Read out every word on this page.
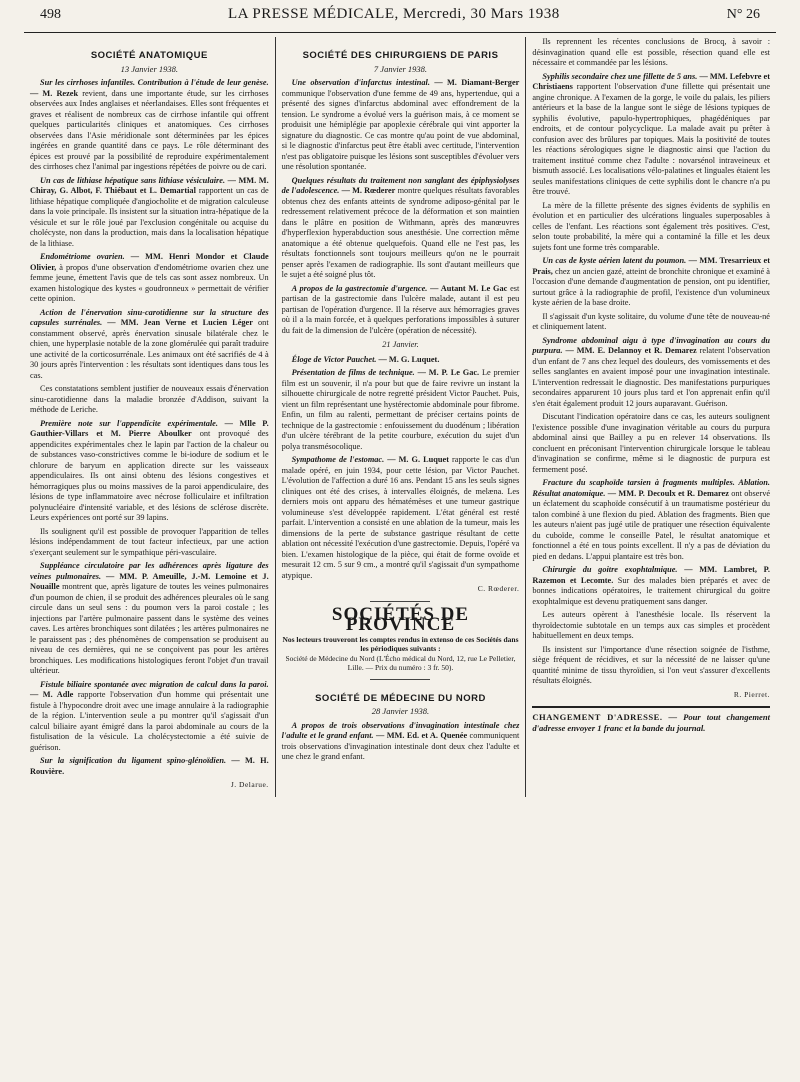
498	LA PRESSE MÉDICALE, Mercredi, 30 Mars 1938	N° 26
SOCIÉTÉ ANATOMIQUE
13 Janvier 1938.

Sur les cirrhoses infantiles. Contribution à l'étude de leur genèse. — M. Rezek revient, dans une importante étude, sur les cirrhoses observées aux Indes anglaises et néerlandaises. Elles sont fréquentes et graves et réalisent de nombreux cas de cirrhose infantile qui offrent quelques particularités cliniques et anatomiques. Ces cirrhoses observées dans l'Asie méridionale sont déterminées par les épices ingérées en grande quantité dans ce pays. Le rôle déterminant des épices est prouvé par la possibilité de reproduire expérimentalement des cirrhoses chez l'animal par ingestions répétées de poivre ou de cari.

Un cas de lithiase hépatique sans lithiase vésiculaire. — MM. M. Chiray, G. Albot, F. Thiébaut et L. Demartial rapportent un cas de lithiase hépatique compliquée d'angiocholite et de migration calculeuse dans la voie principale. Ils insistent sur la situation intra-hépatique de la vésicule et sur le rôle joué par l'exclusion congénitale ou acquise du cholécyste, non dans la production, mais dans la localisation hépatique de la lithiase.

Endométriome ovarien. — MM. Henri Mondor et Claude Olivier, à propos d'une observation d'endométriome ovarien chez une femme jeune, émettent l'avis que de tels cas sont assez nombreux. Un examen histologique des kystes « goudronneux » permettait de vérifier cette opinion.

Action de l'énervation sinu-carotidienne sur la structure des capsules surrénales. — MM. Jean Verne et Lucien Léger ont constamment observé, après énervation sinusale bilatérale chez le chien, une hyperplasie notable de la zone glomérulée qui paraît traduire une activité de la corticosurrénale. Les animaux ont été sacrifiés de 4 à 30 jours après l'intervention : les résultats sont identiques dans tous les cas.

Ces constatations semblent justifier de nouveaux essais d'énervation sinu-carotidienne dans la maladie bronzée d'Addison, suivant la méthode de Leriche.

Première note sur l'appendicite expérimentale. — Mlle P. Gauthier-Villars et M. Pierre Aboulker ont provoqué des appendicites expérimentales chez le lapin par l'action de la chaleur ou de substances vaso-constrictives comme le bi-iodure de sodium et le chlorure de baryum en application directe sur les vaisseaux appendiculaires. Ils ont ainsi obtenu des lésions congestives et hémorragiques plus ou moins massives de la paroi appendiculaire, des lésions de type inflammatoire avec nécrose folliculaire et infiltration polynucléaire d'intensité variable, et des lésions de sclérose discrète. Leurs expériences ont porté sur 39 lapins.

Ils soulignent qu'il est possible de provoquer l'apparition de telles lésions indépendamment de tout facteur infectieux, par une action s'exerçant seulement sur le sympathique péri-vasculaire.

Suppléance circulatoire par les adhérences après ligature des veines pulmonaires. — MM. P. Ameuille, J.-M. Lemoine et J. Nouaille montrent que, après ligature de toutes les veines pulmonaires d'un poumon de chien, il se produit des adhérences pleurales où le sang circule dans un seul sens : du poumon vers la paroi costale ; les injections par l'artère pulmonaire passent dans le système des veines caves. Les artères bronchiques sont dilatées ; les artères pulmonaires ne le paraissent pas ; des phénomènes de compensation se produisent au niveau de ces dernières, qui ne se conçoivent pas pour les artères bronchiques. Les modifications histologiques feront l'objet d'un travail ultérieur.

Fistule biliaire spontanée avec migration de calcul dans la paroi. — M. Adle rapporte l'observation d'un homme qui présentait une fistule à l'hypocondre droit avec une image annulaire à la radiographie de la région. L'intervention seule a pu montrer qu'il s'agissait d'un calcul biliaire ayant émigré dans la paroi abdominale au cours de la fistulisation de la vésicule. La cholécystectomie a été suivie de guérison.

Sur la signification du ligament spino-glénoïdien. — M. H. Rouvière.

J. Delarue.
SOCIÉTÉ DES CHIRURGIENS DE PARIS
7 Janvier 1938.

Une observation d'infarctus intestinal. — M. Diamant-Berger communique l'observation d'une femme de 49 ans, hypertendue, qui a présenté des signes d'infarctus abdominal avec effondrement de la tension. Le syndrome a évolué vers la guérison mais, à ce moment se produisit une hémiplégie par apoplexie cérébrale qui vint apporter la signature du diagnostic. Ce cas montre qu'au point de vue abdominal, si le diagnostic d'infarctus peut être établi avec certitude, l'intervention n'est pas obligatoire puisque les lésions sont susceptibles d'évoluer vers une résolution spontanée.

Quelques résultats du traitement non sanglant des épiphysiolyses de l'adolescence. — M. Rœderer montre quelques résultats favorables obtenus chez des enfants atteints de syndrome adiposo-génital par le redressement relativement précoce de la déformation et son maintien dans le plâtre en position de Withmann, après des manœuvres d'hyperflexion hyperabduction sous anesthésie. Une correction même anatomique a été obtenue quelquefois. Quand elle ne l'est pas, les résultats fonctionnels sont toujours meilleurs qu'on ne le pourrait penser après l'examen de radiographie. Ils sont d'autant meilleurs que le sujet a été soigné plus tôt.

A propos de la gastrectomie d'urgence. — Autant M. Le Gac est partisan de la gastrectomie dans l'ulcère malade, autant il est peu partisan de l'opération d'urgence. Il la réserve aux hémorragies graves où il a la main forcée, et à quelques perforations impossibles à suturer du fait de la dimension de l'ulcère (opération de nécessité).

21 Janvier.

Éloge de Victor Pauchet. — M. G. Luquet.

Présentation de films de technique. — M. P. Le Gac. Le premier film est un souvenir, il n'a pour but que de faire revivre un instant la silhouette chirurgicale de notre regretté président Victor Pauchet. Puis, vient un film représentant une hystérectomie abdominale pour fibrome. Enfin, un film au ralenti, permettant de préciser certains points de technique de la gastrectomie : enfouissement du duodénum ; libération d'un ulcère térébrant de la petite courbure, exécution du sujet d'un polya transmésocolique.

Sympathome de l'estomac. — M. G. Luquet rapporte le cas d'un malade opéré, en juin 1934, pour cette lésion, par Victor Pauchet. L'évolution de l'affection a duré 16 ans. Pendant 15 ans les seuls signes cliniques ont été des crises, à intervalles éloignés, de melæna. Les derniers mois ont apparu des hématémèses et une tumeur gastrique volumineuse s'est développée rapidement. L'état général est resté parfait. L'intervention a consisté en une ablation de la tumeur, mais les dimensions de la perte de substance gastrique résultant de cette ablation ont nécessité l'exécution d'une gastrectomie. Depuis, l'opéré va bien. L'examen histologique de la pièce, qui était de forme ovoïde et mesurait 12 cm. 5 sur 9 cm., a montré qu'il s'agissait d'un sympathome atypique.

C. Rœderer.
SOCIÉTÉS DE PROVINCE
Nos lecteurs trouveront les comptes rendus in extenso de ces Sociétés dans les périodiques suivants :
Société de Médecine du Nord (L'Écho médical du Nord, 12, rue Le Pelletier, Lille. — Prix du numéro : 3 fr. 50).
SOCIÉTÉ DE MÉDECINE DU NORD
28 Janvier 1938.

A propos de trois observations d'invagination intestinale chez l'adulte et le grand enfant. — MM. Ed. et A. Quenée communiquent trois observations d'invagination intestinale dont deux chez l'adulte et une chez le grand enfant.

Ils reprennent les récentes conclusions de Brocq, à savoir : désinvagination quand elle est possible, résection quand elle est nécessaire et commandée par les lésions.

Syphilis secondaire chez une fillette de 5 ans. — MM. Lefebvre et Christiaens rapportent l'observation d'une fillette qui présentait une angine chronique. A l'examen de la gorge, le voile du palais, les piliers antérieurs et la base de la langue sont le siège de lésions typiques de syphilis évolutive, papulo-hypertrophiques, phagédéniques par endroits, et de contour polycyclique. La malade avait pu prêter à confusion avec des brûlures par topiques. Mais la positivité de toutes les réactions sérologiques signe le diagnostic ainsi que l'action du traitement institué comme chez l'adulte : novarsénol intraveineux et bismuth associé. Les localisations vélo-palatines et linguales étaient les seules manifestations cliniques de cette syphilis dont le chancre n'a pu être trouvé.

La mère de la fillette présente des signes évidents de syphilis en évolution et en particulier des ulcérations linguales superposables à celles de l'enfant. Les réactions sont également très positives. C'est, selon toute probabilité, la mère qui a contaminé la fille et les deux sujets font une forme très comparable.

Un cas de kyste aérien latent du poumon. — MM. Tresarrieux et Prais, chez un ancien gazé, atteint de bronchite chronique et examiné à l'occasion d'une demande d'augmentation de pension, ont pu identifier, surtout grâce à la radiographie de profil, l'existence d'un volumineux kyste aérien de la base droite.

Il s'agissait d'un kyste solitaire, du volume d'une tête de nouveau-né et cliniquement latent.

Syndrome abdominal aigu à type d'invagination au cours du purpura. — MM. E. Delannoy et R. Demarez relatent l'observation d'un enfant de 7 ans chez lequel des douleurs, des vomissements et des selles sanglantes en avaient imposé pour une invagination intestinale. L'intervention redressait le diagnostic. Des manifestations purpuriques secondaires apparurent 10 jours plus tard et l'on apprenait enfin qu'il s'en était également produit 12 jours auparavant. Guérison.

Discutant l'indication opératoire dans ce cas, les auteurs soulignent l'existence possible d'une invagination véritable au cours du purpura abdominal ainsi que Bailley a pu en relever 14 observations. Ils concluent en préconisant l'intervention chirurgicale lorsque le tableau d'invagination se confirme, même si le diagnostic de purpura est fermement posé.

Fracture du scaphoïde tarsien à fragments multiples. Ablation. Résultat anatomique. — MM. P. Decoulx et R. Demarez ont observé un éclatement du scaphoïde consécutif à un traumatisme postérieur du talon combiné à une flexion du pied. Ablation des fragments. Bien que les auteurs n'aient pas jugé utile de pratiquer une résection équivalente du cuboïde, comme le conseille Patel, le résultat anatomique et fonctionnel a été en tous points excellent. Il n'y a pas de déviation du pied en dedans. L'appui plantaire est très bon.

Chirurgie du goitre exophtalmique. — MM. Lambret, P. Razemon et Lecomte. Sur des malades bien préparés et avec de bonnes indications opératoires, le traitement chirurgical du goitre exophtalmique est devenu pratiquement sans danger.

Les auteurs opèrent à l'anesthésie locale. Ils réservent la thyroïdectomie subtotale en un temps aux cas simples et procèdent habituellement en deux temps.

Ils insistent sur l'importance d'une résection soignée de l'isthme, siège fréquent de récidives, et sur la nécessité de ne laisser qu'une quantité minime de tissu thyroïdien, si l'on veut s'assurer d'excellents résultats éloignés.

R. Pierret.
CHANGEMENT D'ADRESSE. — Pour tout changement d'adresse envoyer 1 franc et la bande du journal.
